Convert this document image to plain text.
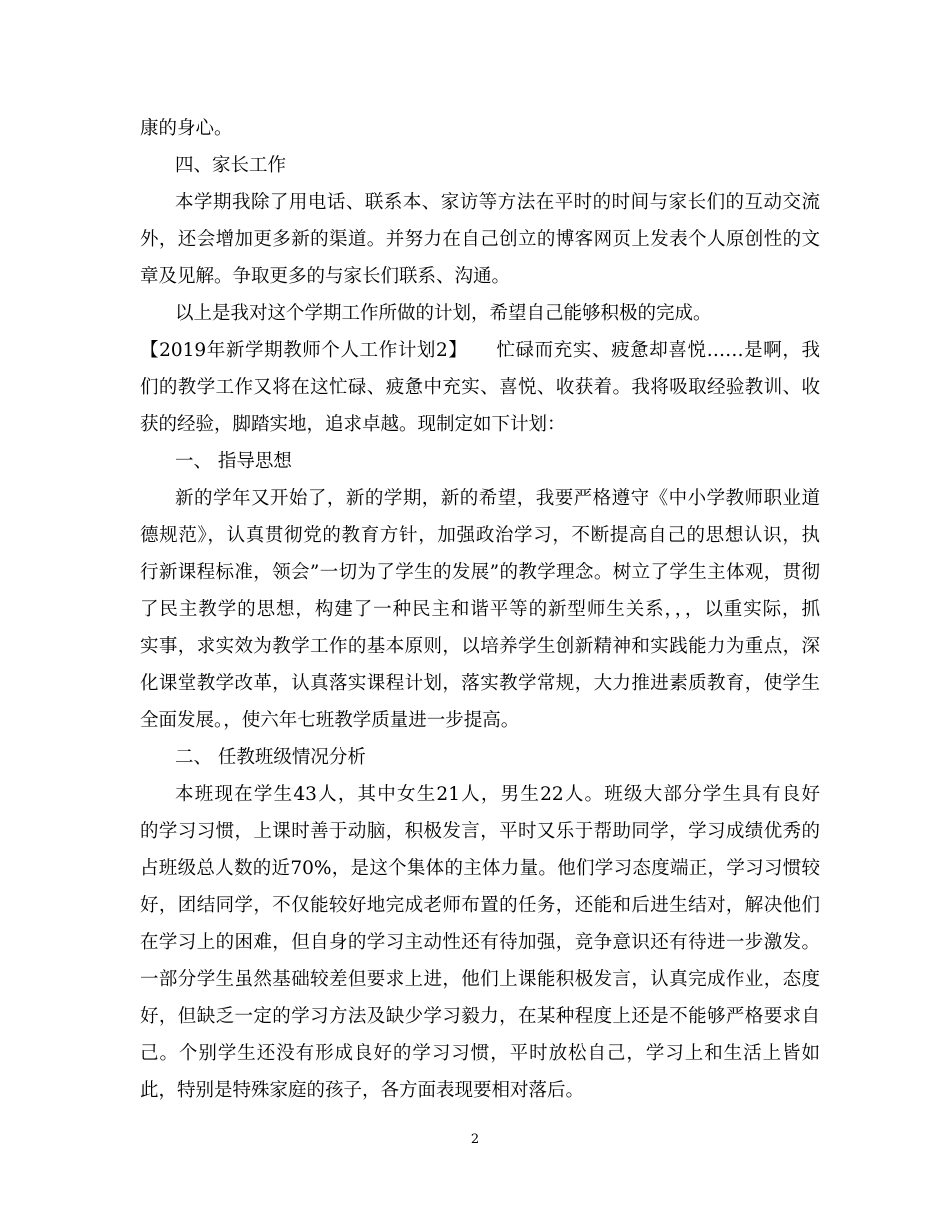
康的身心。
四、家长工作
本学期我除了用电话、联系本、家访等方法在平时的时间与家长们的互动交流
外，还会增加更多新的渠道。并努力在自己创立的博客网页上发表个人原创性的文
章及见解。争取更多的与家长们联系、沟通。
以上是我对这个学期工作所做的计划，希望自己能够积极的完成。
【2019年新学期教师个人工作计划2】　　忙碌而充实、疲惫却喜悦……是啊，我
们的教学工作又将在这忙碌、疲惫中充实、喜悦、收获着。我将吸取经验教训、收
获的经验，脚踏实地，追求卓越。现制定如下计划：
一、 指导思想
新的学年又开始了，新的学期，新的希望，我要严格遵守《中小学教师职业道
德规范》，认真贯彻党的教育方针，加强政治学习，不断提高自己的思想认识，执
行新课程标准，领会”一切为了学生的发展”的教学理念。树立了学生主体观，贯彻
了民主教学的思想，构建了一种民主和谐平等的新型师生关系，，，以重实际，抓
实事，求实效为教学工作的基本原则，以培养学生创新精神和实践能力为重点，深
化课堂教学改革，认真落实课程计划，落实教学常规，大力推进素质教育，使学生
全面发展。，使六年七班教学质量进一步提高。
二、 任教班级情况分析
本班现在学生43人，其中女生21人，男生22人。班级大部分学生具有良好
的学习习惯，上课时善于动脑，积极发言，平时又乐于帮助同学，学习成绩优秀的
占班级总人数的近70%，是这个集体的主体力量。他们学习态度端正，学习习惯较
好，团结同学，不仅能较好地完成老师布置的任务，还能和后进生结对，解决他们
在学习上的困难，但自身的学习主动性还有待加强，竞争意识还有待进一步激发。
一部分学生虽然基础较差但要求上进，他们上课能积极发言，认真完成作业，态度
好，但缺乏一定的学习方法及缺少学习毅力，在某种程度上还是不能够严格要求自
己。个别学生还没有形成良好的学习习惯，平时放松自己，学习上和生活上皆如
此，特别是特殊家庭的孩子，各方面表现要相对落后。
2
